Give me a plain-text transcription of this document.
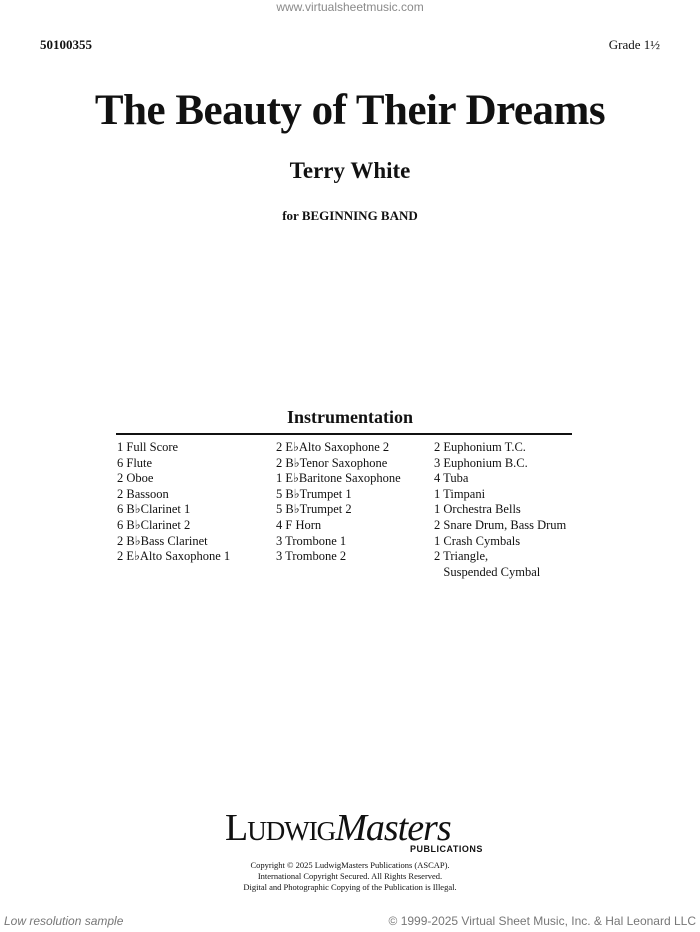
www.virtualsheetmusic.com
50100355	Grade 1½
The Beauty of Their Dreams
Terry White
for BEGINNING BAND
Instrumentation
1 Full Score
6 Flute
2 Oboe
2 Bassoon
6 B♭Clarinet 1
6 B♭Clarinet 2
2 B♭Bass Clarinet
2 E♭Alto Saxophone 1
2 E♭Alto Saxophone 2
2 B♭Tenor Saxophone
1 E♭Baritone Saxophone
5 B♭Trumpet 1
5 B♭Trumpet 2
4 F Horn
3 Trombone 1
3 Trombone 2
2 Euphonium T.C.
3 Euphonium B.C.
4 Tuba
1 Timpani
1 Orchestra Bells
2 Snare Drum, Bass Drum
1 Crash Cymbals
2 Triangle,
Suspended Cymbal
LudwigMasters
PUBLICATIONS
Copyright © 2025 LudwigMasters Publications (ASCAP).
International Copyright Secured. All Rights Reserved.
Digital and Photographic Copying of the Publication is Illegal.
Low resolution sample	© 1999-2025 Virtual Sheet Music, Inc. & Hal Leonard LLC
